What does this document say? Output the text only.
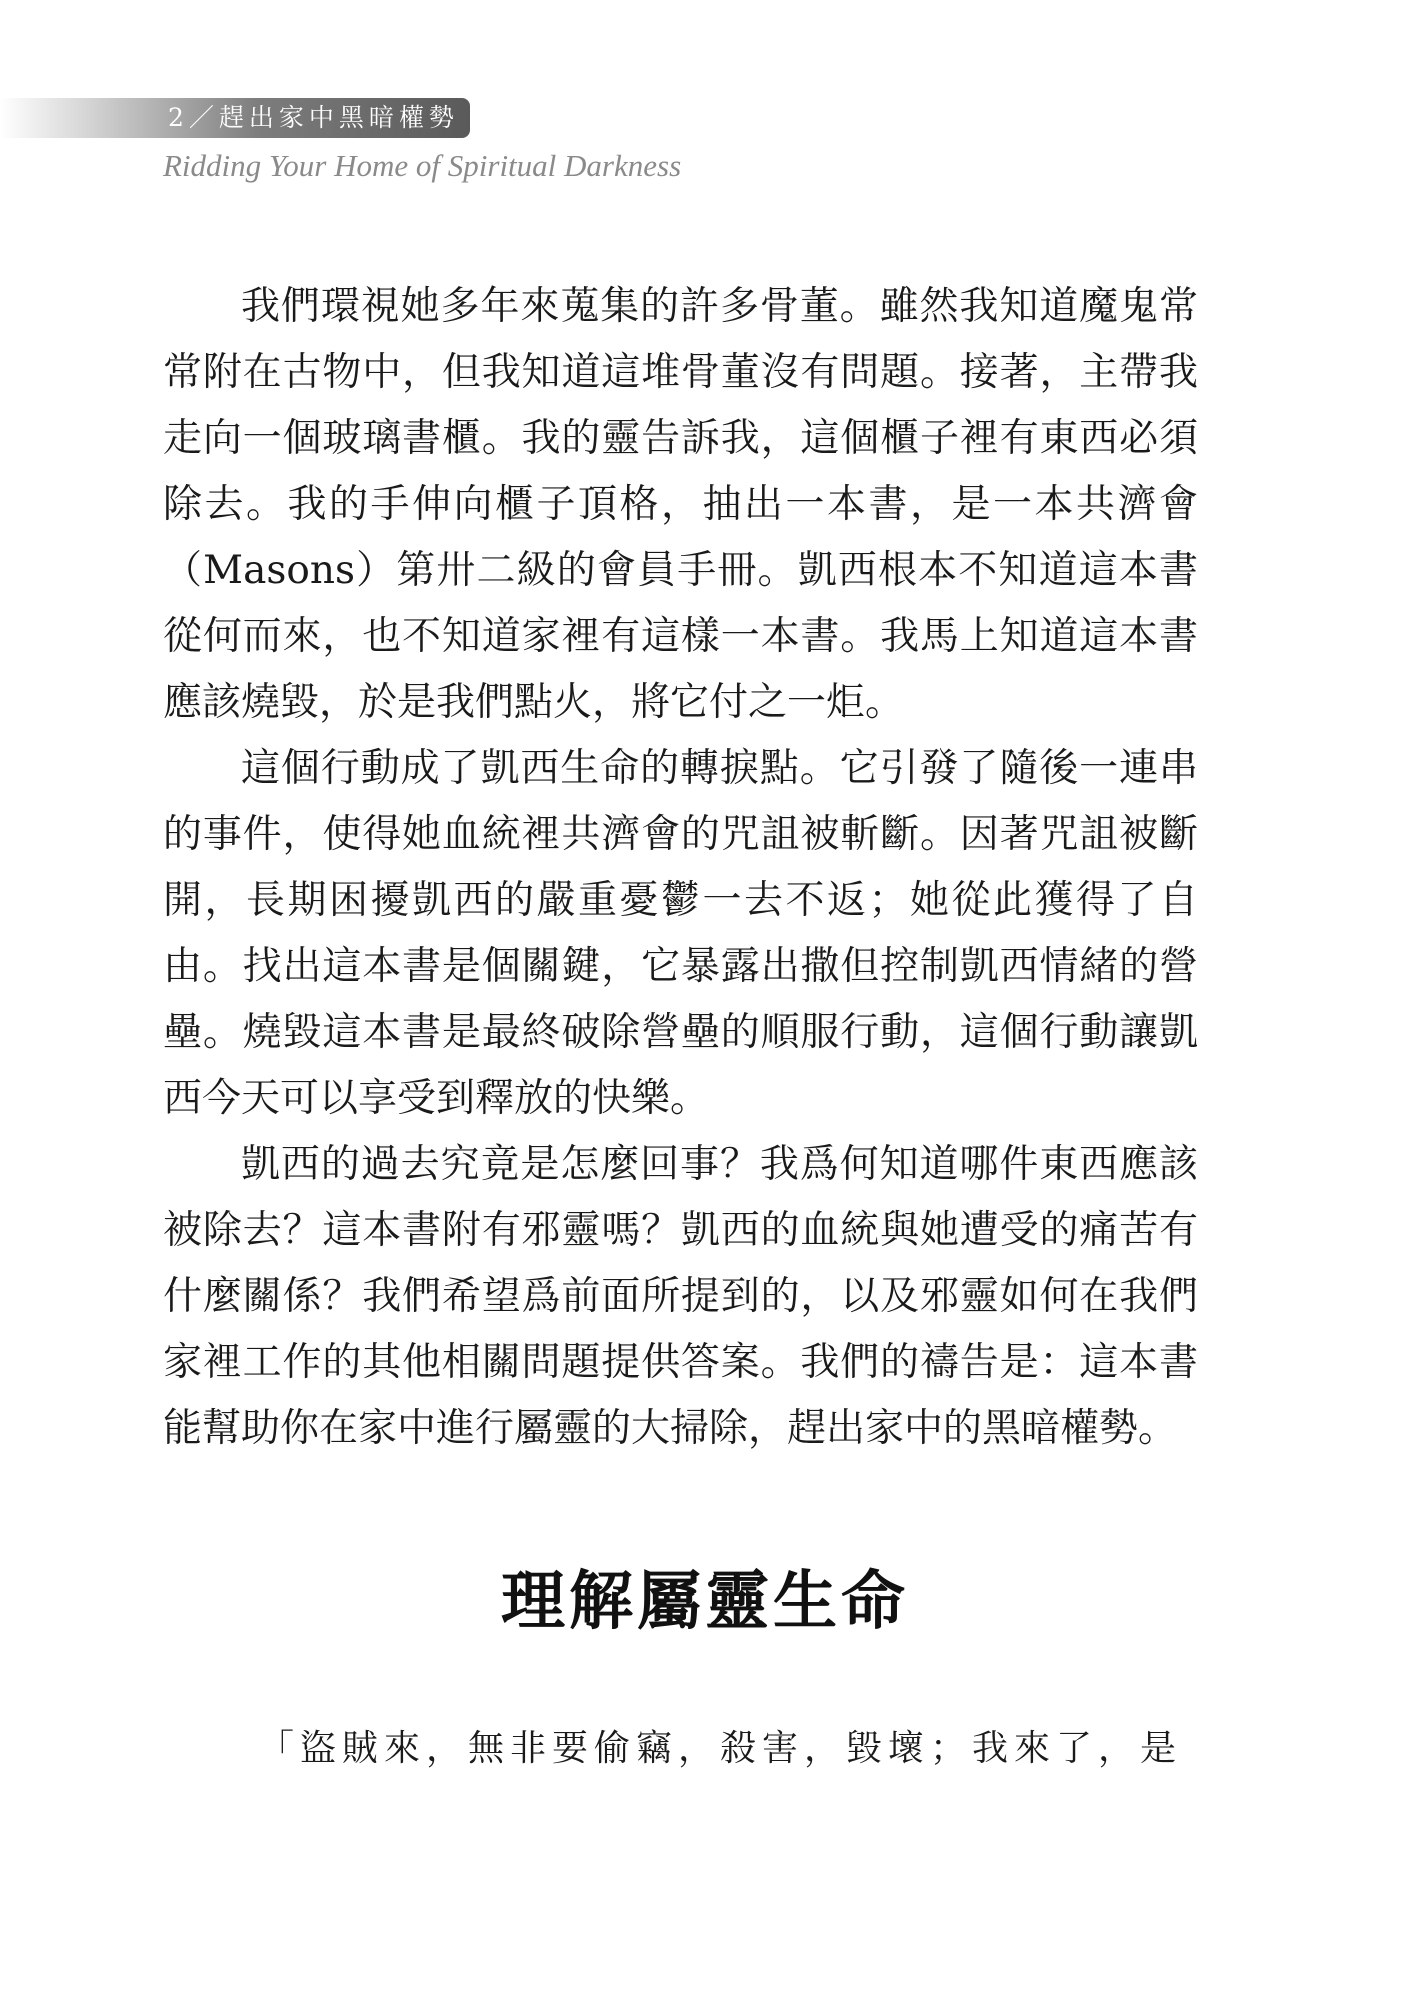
2／趕出家中黑暗權勢
Ridding Your Home of Spiritual Darkness

我們環視她多年來蒐集的許多骨董。雖然我知道魔鬼常常附在古物中，但我知道這堆骨董沒有問題。接著，主帶我走向一個玻璃書櫃。我的靈告訴我，這個櫃子裡有東西必須除去。我的手伸向櫃子頂格，抽出一本書，是一本共濟會（Masons）第卅二級的會員手冊。凱西根本不知道這本書從何而來，也不知道家裡有這樣一本書。我馬上知道這本書應該燒毀，於是我們點火，將它付之一炬。

這個行動成了凱西生命的轉捩點。它引發了隨後一連串的事件，使得她血統裡共濟會的咒詛被斬斷。因著咒詛被斷開，長期困擾凱西的嚴重憂鬱一去不返；她從此獲得了自由。找出這本書是個關鍵，它暴露出撒但控制凱西情緒的營壘。燒毀這本書是最終破除營壘的順服行動，這個行動讓凱西今天可以享受到釋放的快樂。

凱西的過去究竟是怎麼回事？我爲何知道哪件東西應該被除去？這本書附有邪靈嗎？凱西的血統與她遭受的痛苦有什麼關係？我們希望爲前面所提到的，以及邪靈如何在我們家裡工作的其他相關問題提供答案。我們的禱告是：這本書能幫助你在家中進行屬靈的大掃除，趕出家中的黑暗權勢。

理解屬靈生命
「盜賊來，無非要偷竊，殺害，毀壞；我來了，是
